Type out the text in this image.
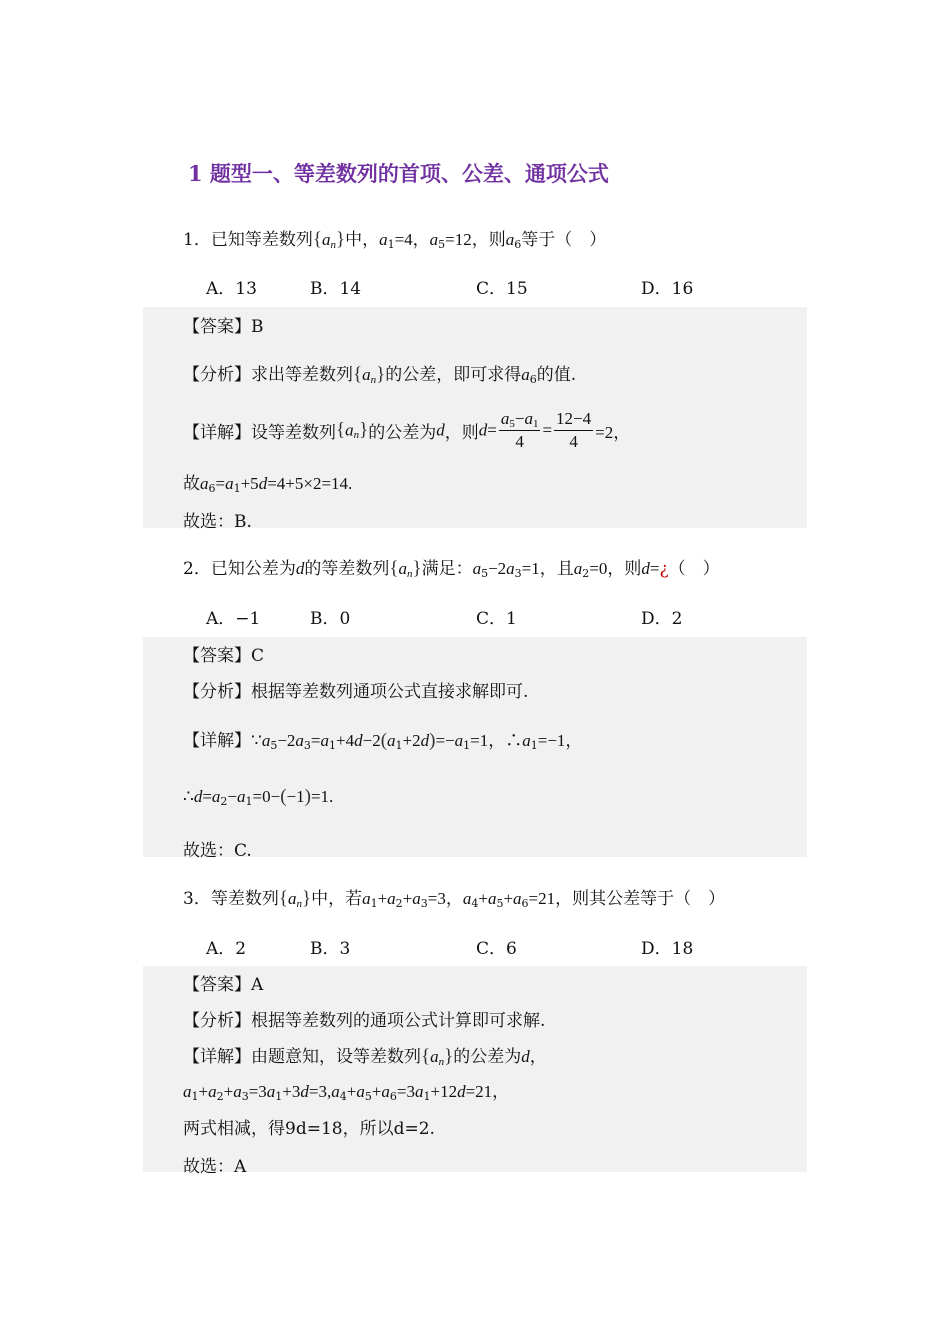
1 题型一、等差数列的首项、公差、通项公式
1．已知等差数列$\{a_n\}$中，$a_1=4$，$a_5=12$，则$a_6$等于（　）
A．13	B．14	C．15	D．16
【答案】B
【分析】求出等差数列$\{a_n\}$的公差，即可求得$a_6$的值.
【详解】设等差数列$\{a_n\}$的公差为d，则$d= \frac{a_5-a_1}{4} = \frac{12-4}{4} =2$，
故$a_6=a_1+5d=4+5\times 2=14$.
故选：B.
2．已知公差为d的等差数列$\{a_n\}$满足：$a_5-2a_3=1$，且$a_2=0$，则d=¿（　）
A．−1	B．0	C．1	D．2
【答案】C
【分析】根据等差数列通项公式直接求解即可.
【详解】$\because a_5-2a_3=a_1+4d-2(a_1+2d)=-a_1=1$，$\therefore a_1=-1$，
$\therefore d=a_2-a_1=0-(-1)=1$.
故选：C.
3．等差数列$\{a_n\}$中，若$a_1+a_2+a_3=3$，$a_4+a_5+a_6=21$，则其公差等于（　）
A．2	B．3	C．6	D．18
【答案】A
【分析】根据等差数列的通项公式计算即可求解.
【详解】由题意知，设等差数列$\{a_n\}$的公差为d，
$a_1+a_2+a_3=3a_1+3d=3,a_4+a_5+a_6=3a_1+12d=21$，
两式相减，得9d=18，所以d=2.
故选：A
